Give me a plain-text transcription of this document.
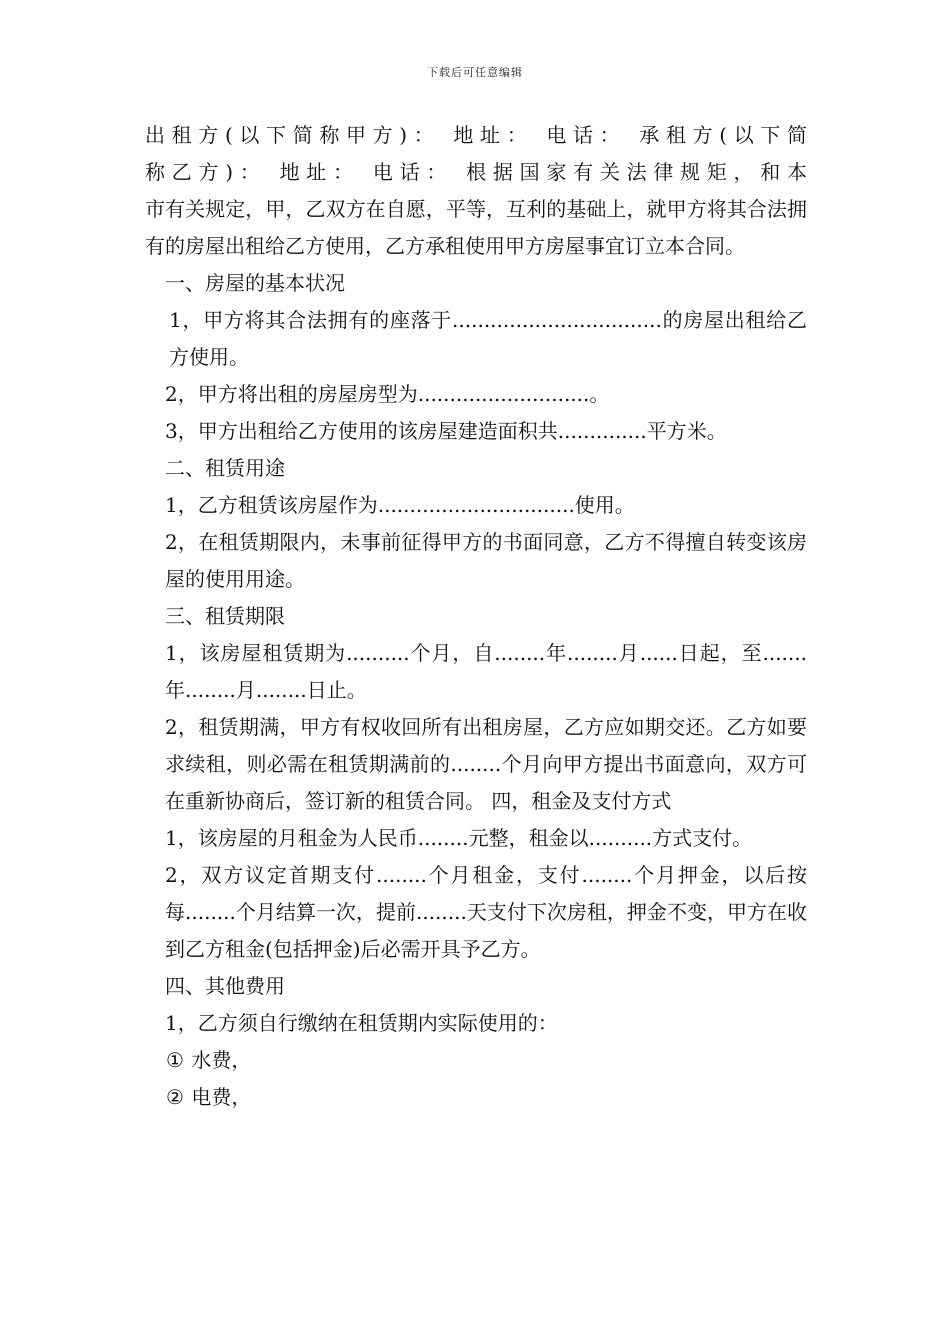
下载后可任意编辑

出租方(以下简称甲方)： 地址： 电话： 承租方(以下简

称乙方)： 地址： 电话： 根据国家有关法律规矩，和本

市有关规定，甲，乙双方在自愿，平等，互利的基础上，就甲方将其合法拥有的房屋出租给乙方使用，乙方承租使用甲方房屋事宜订立本合同。

一、房屋的基本状况

1，甲方将其合法拥有的座落于.................................的房屋出租给乙方使用。

2，甲方将出租的房屋房型为...........................。

3，甲方出租给乙方使用的该房屋建造面积共..............平方米。

二、租赁用途

1，乙方租赁该房屋作为...............................使用。

2，在租赁期限内，未事前征得甲方的书面同意，乙方不得擅自转变该房屋的使用用途。

三、租赁期限

1，该房屋租赁期为..........个月，自........年........月......日起，至.......年........月........日止。

2，租赁期满，甲方有权收回所有出租房屋，乙方应如期交还。乙方如要求续租，则必需在租赁期满前的........个月向甲方提出书面意向，双方可在重新协商后，签订新的租赁合同。 四，租金及支付方式

1，该房屋的月租金为人民币........元整，租金以..........方式支付。

2，双方议定首期支付........个月租金，支付........个月押金，以后按每........个月结算一次，提前........天支付下次房租，押金不变，甲方在收到乙方租金(包括押金)后必需开具予乙方。

四、其他费用

1，乙方须自行缴纳在租赁期内实际使用的：

① 水费，

② 电费，
